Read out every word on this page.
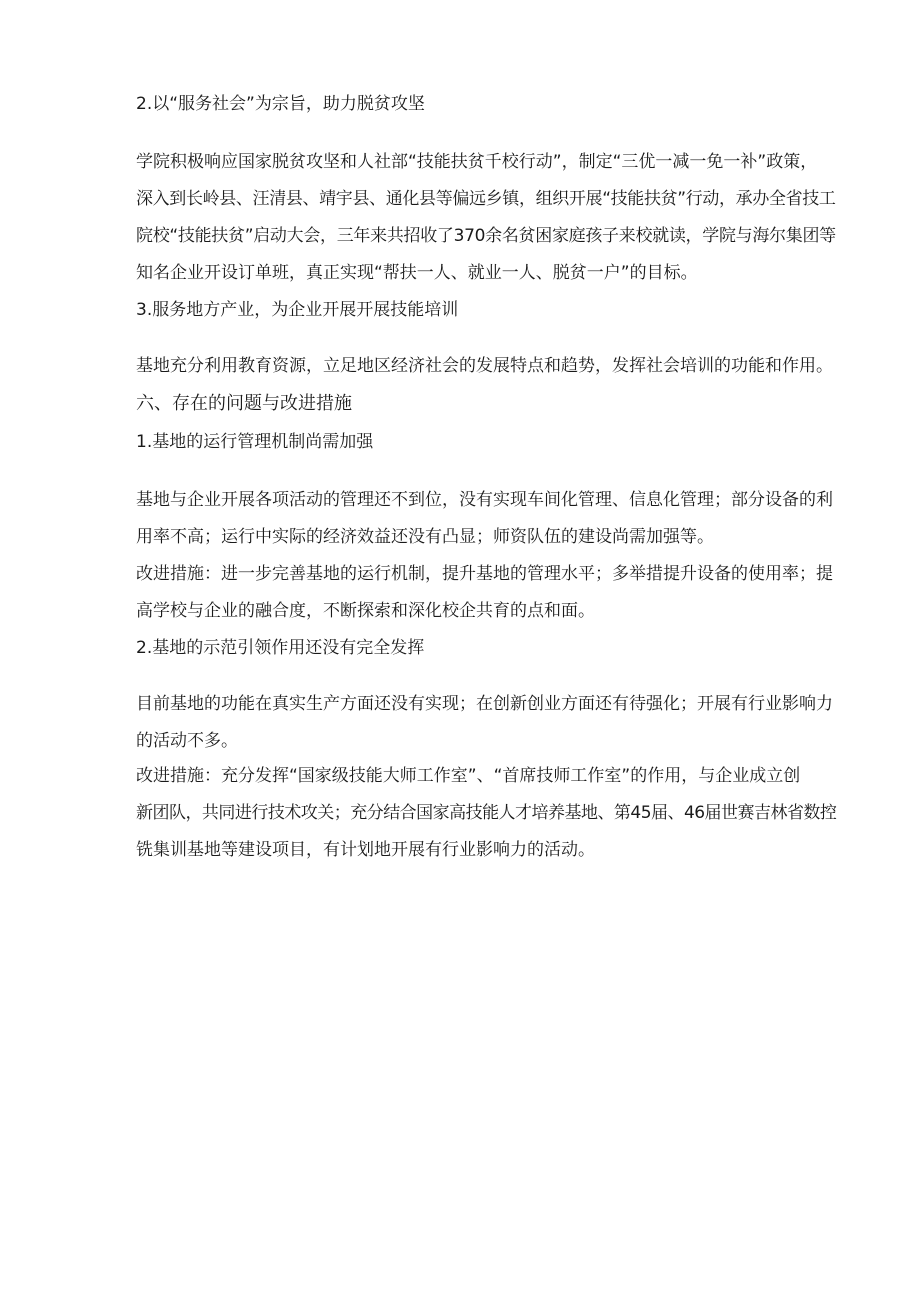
2.以“服务社会”为宗旨，助力脱贫攻坚
学院积极响应国家脱贫攻坚和人社部“技能扶贫千校行动”，制定“三优一减一免一补”政策，
深入到长岭县、汪清县、靖宇县、通化县等偏远乡镇，组织开展“技能扶贫”行动，承办全省技工
院校“技能扶贫”启动大会，三年来共招收了370余名贫困家庭孩子来校就读，学院与海尔集团等
知名企业开设订单班，真正实现“帮扶一人、就业一人、脱贫一户”的目标。
3.服务地方产业，为企业开展开展技能培训
基地充分利用教育资源，立足地区经济社会的发展特点和趋势，发挥社会培训的功能和作用。
六、存在的问题与改进措施
1.基地的运行管理机制尚需加强
基地与企业开展各项活动的管理还不到位，没有实现车间化管理、信息化管理；部分设备的利
用率不高；运行中实际的经济效益还没有凸显；师资队伍的建设尚需加强等。
改进措施：进一步完善基地的运行机制，提升基地的管理水平；多举措提升设备的使用率；提
高学校与企业的融合度，不断探索和深化校企共育的点和面。
2.基地的示范引领作用还没有完全发挥
目前基地的功能在真实生产方面还没有实现；在创新创业方面还有待强化；开展有行业影响力
的活动不多。
改进措施：充分发挥“国家级技能大师工作室”、“首席技师工作室”的作用，与企业成立创
新团队，共同进行技术攻关；充分结合国家高技能人才培养基地、第45届、46届世赛吉林省数控
铣集训基地等建设项目，有计划地开展有行业影响力的活动。
